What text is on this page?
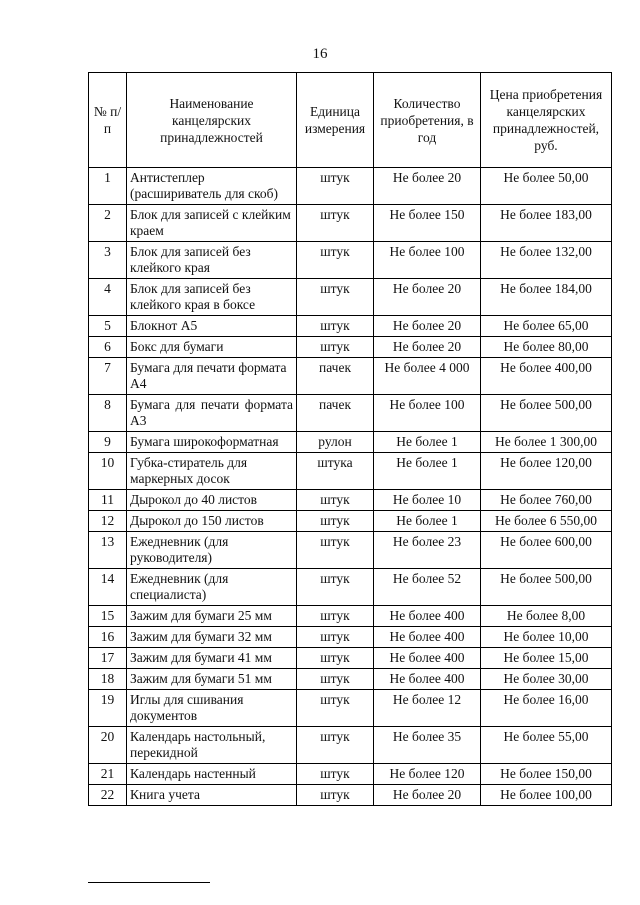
16
№ п/п	Наименование канцелярских принадлежностей	Единица измерения	Количество приобретения, в год	Цена приобретения канцелярских принадлежностей, руб.
1	Антистеплер (расшириватель для скоб)	штук	Не более 20	Не более 50,00
2	Блок для записей с клейким краем	штук	Не более 150	Не более 183,00
3	Блок для записей без клейкого края	штук	Не более 100	Не более 132,00
4	Блок для записей без клейкого края в боксе	штук	Не более 20	Не более 184,00
5	Блокнот А5	штук	Не более 20	Не более 65,00
6	Бокс для бумаги	штук	Не более 20	Не более 80,00
7	Бумага для печати формата А4	пачек	Не более 4 000	Не более 400,00
8	Бумага для печати формата А3	пачек	Не более 100	Не более 500,00
9	Бумага широкоформатная	рулон	Не более 1	Не более 1 300,00
10	Губка-стиратель для маркерных досок	штука	Не более 1	Не более 120,00
11	Дырокол до 40 листов	штук	Не более 10	Не более 760,00
12	Дырокол до 150 листов	штук	Не более 1	Не более 6 550,00
13	Ежедневник (для руководителя)	штук	Не более 23	Не более 600,00
14	Ежедневник (для специалиста)	штук	Не более 52	Не более 500,00
15	Зажим для бумаги 25 мм	штук	Не более 400	Не более 8,00
16	Зажим для бумаги 32 мм	штук	Не более 400	Не более 10,00
17	Зажим для бумаги 41 мм	штук	Не более 400	Не более 15,00
18	Зажим для бумаги 51 мм	штук	Не более 400	Не более 30,00
19	Иглы для сшивания документов	штук	Не более 12	Не более 16,00
20	Календарь настольный, перекидной	штук	Не более 35	Не более 55,00
21	Календарь настенный	штук	Не более 120	Не более 150,00
22	Книга учета	штук	Не более 20	Не более 100,00
